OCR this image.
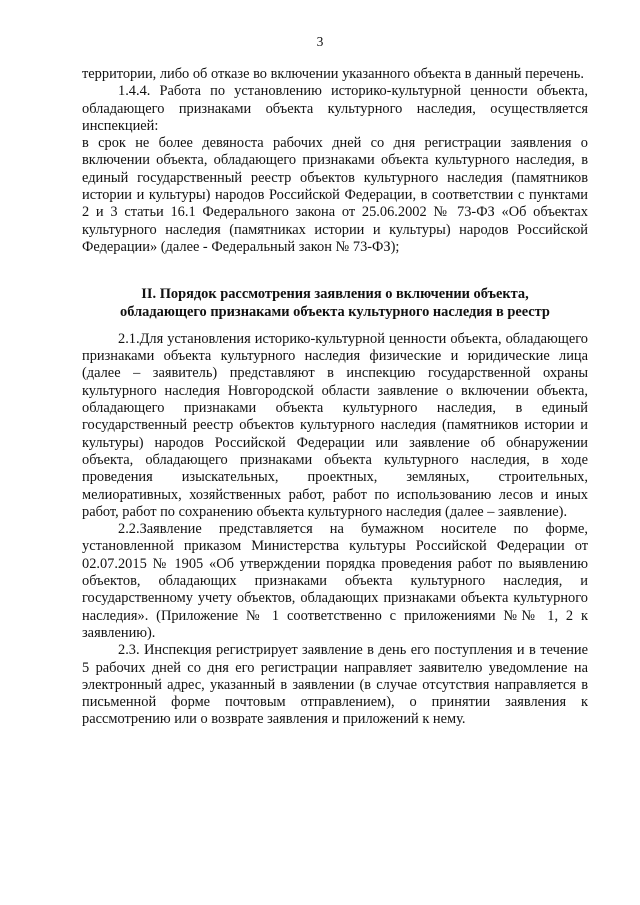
3

территории, либо об отказе во включении указанного объекта в данный перечень.

1.4.4. Работа по установлению историко-культурной ценности объекта, обладающего признаками объекта культурного наследия, осуществляется инспекцией:

в срок не более девяноста рабочих дней со дня регистрации заявления о включении объекта, обладающего признаками объекта культурного наследия, в единый государственный реестр объектов культурного наследия (памятников истории и культуры) народов Российской Федерации, в соответствии с пунктами 2 и 3 статьи 16.1 Федерального закона от 25.06.2002 № 73-ФЗ «Об объектах культурного наследия (памятниках истории и культуры) народов Российской Федерации» (далее - Федеральный закон № 73-ФЗ);

II. Порядок рассмотрения заявления о включении объекта,
обладающего признаками объекта культурного наследия в реестр

2.1.Для установления историко-культурной ценности объекта, обладающего признаками объекта культурного наследия физические и юридические лица (далее – заявитель) представляют в инспекцию государственной охраны культурного наследия Новгородской области заявление о включении объекта, обладающего признаками объекта культурного наследия, в единый государственный реестр объектов культурного наследия (памятников истории и культуры) народов Российской Федерации или заявление об обнаружении объекта, обладающего признаками объекта культурного наследия, в ходе проведения изыскательных, проектных, земляных, строительных, мелиоративных, хозяйственных работ, работ по использованию лесов и иных работ, работ по сохранению объекта культурного наследия (далее – заявление).

2.2.Заявление представляется на бумажном носителе по форме, установленной приказом Министерства культуры Российской Федерации от 02.07.2015 № 1905 «Об утверждении порядка проведения работ по выявлению объектов, обладающих признаками объекта культурного наследия, и государственному учету объектов, обладающих признаками объекта культурного наследия». (Приложение № 1 соответственно с приложениями №№ 1, 2 к заявлению).

2.3. Инспекция регистрирует заявление в день его поступления и в течение 5 рабочих дней со дня его регистрации направляет заявителю уведомление на электронный адрес, указанный в заявлении (в случае отсутствия направляется в письменной форме почтовым отправлением), о принятии заявления к рассмотрению или о возврате заявления и приложений к нему.
